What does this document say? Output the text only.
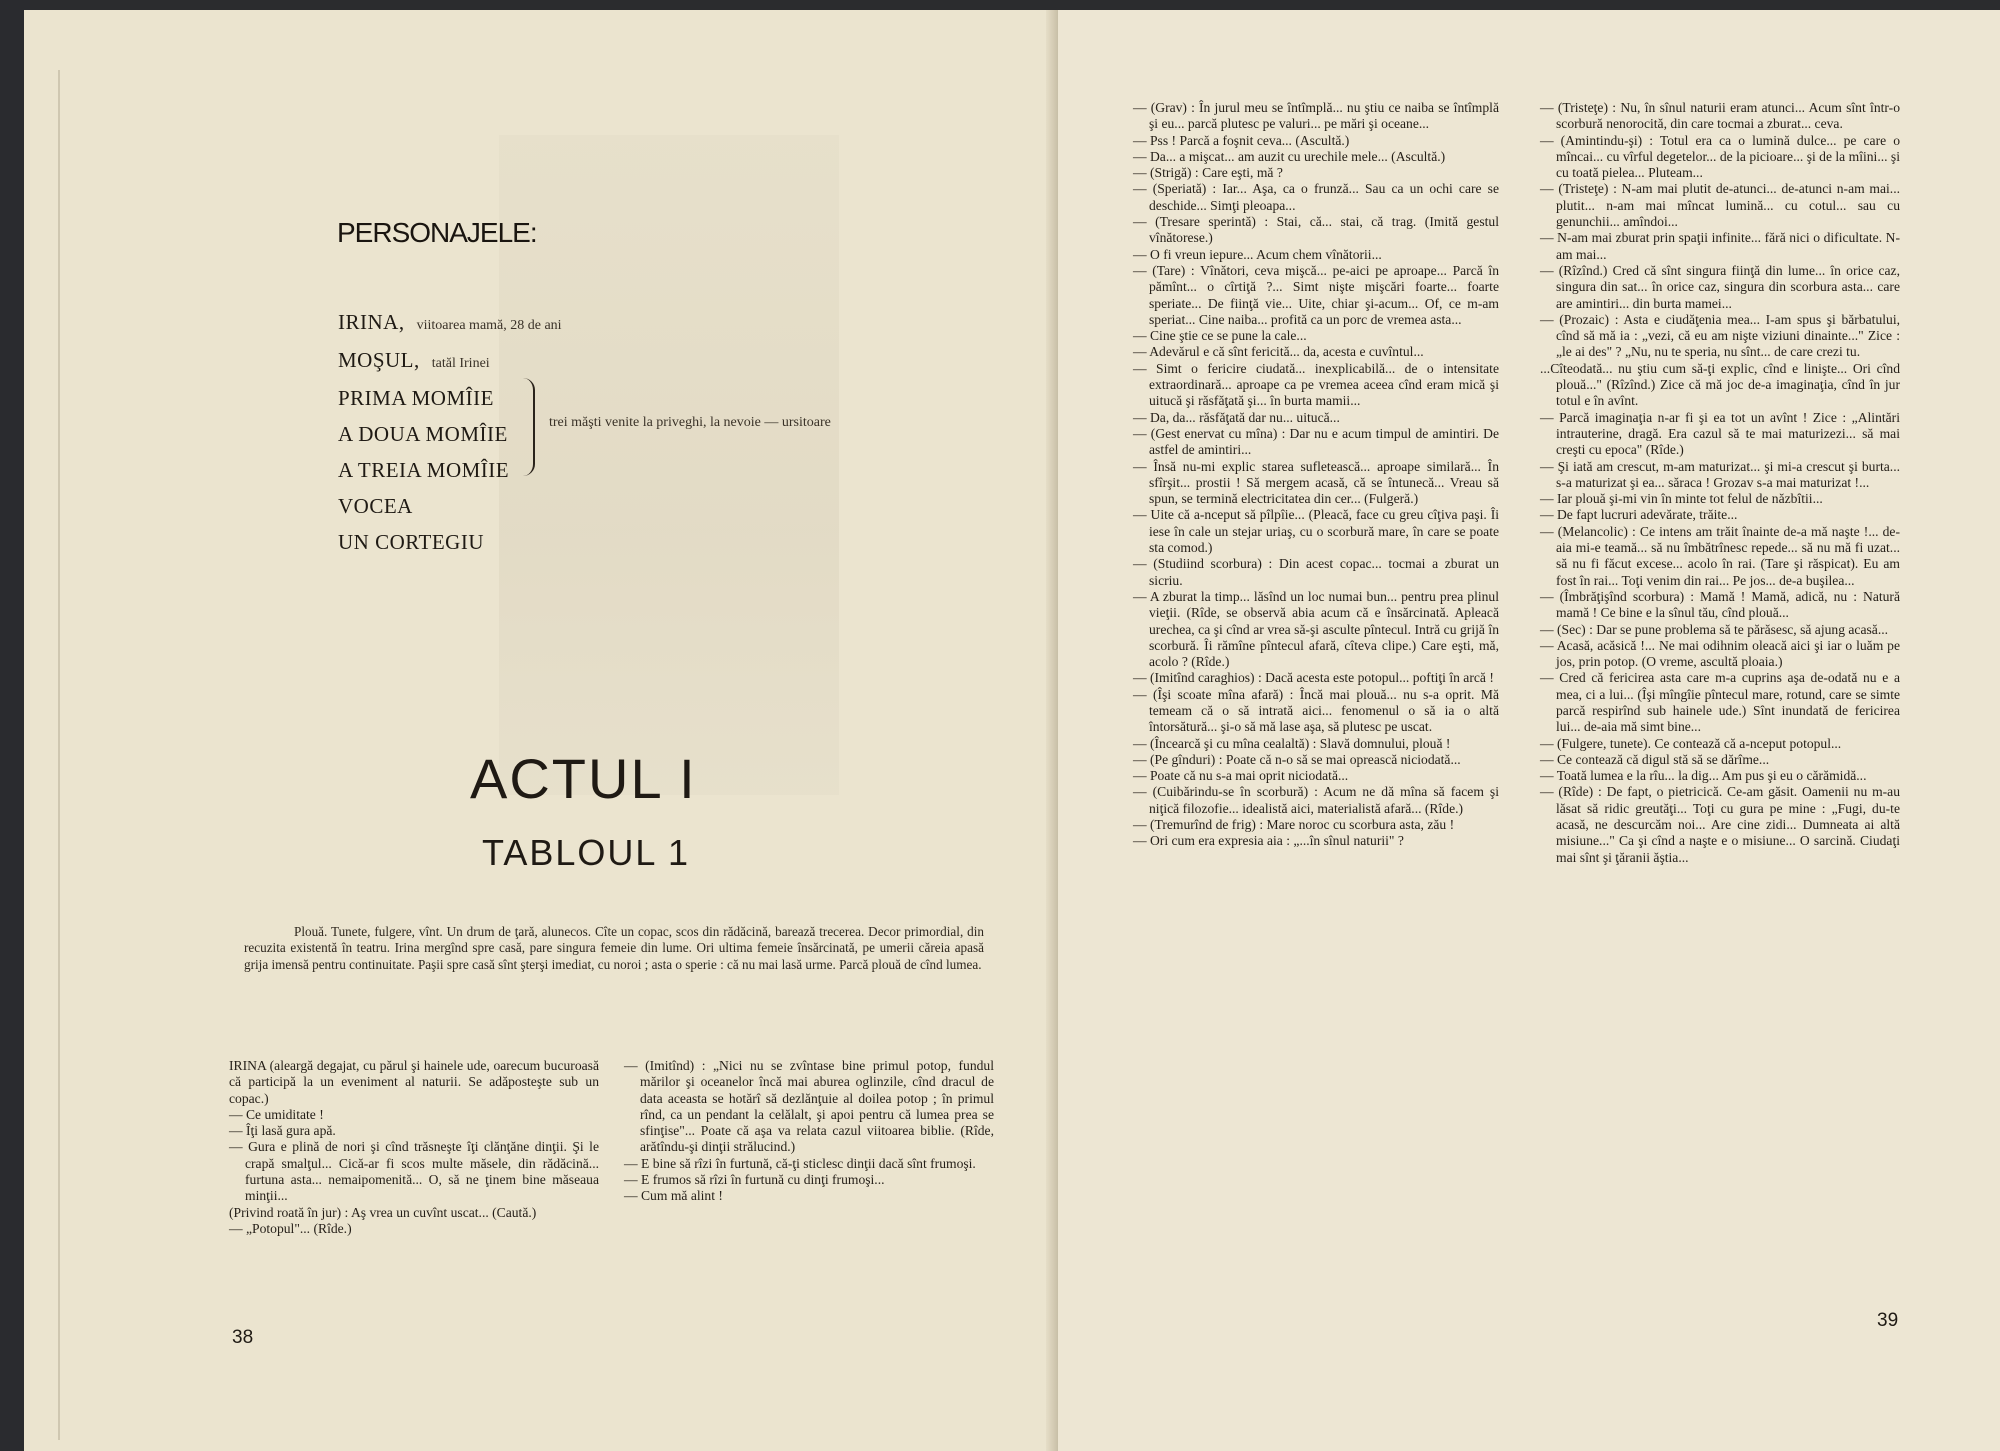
PERSONAJELE:
IRINA, viitoarea mamă, 28 de ani
MOŞUL, tatăl Irinei
PRIMA MOMÎIE
A DOUA MOMÎIE
A TREIA MOMÎIE
VOCEA
UN CORTEGIU
trei măşti venite la priveghi, la nevoie — ursitoare
ACTUL I
TABLOUL 1
Plouă. Tunete, fulgere, vînt. Un drum de ţară, alunecos. Cîte un copac, scos din rădăcină, barează trecerea. Decor primordial, din recuzita existentă în teatru. Irina mergînd spre casă, pare singura femeie din lume. Ori ultima femeie însărcinată, pe umerii căreia apasă grija imensă pentru continuitate. Paşii spre casă sînt şterşi imediat, cu noroi ; asta o sperie : că nu mai lasă urme. Parcă plouă de cînd lumea.

IRINA (aleargă degajat, cu părul şi hainele ude, oarecum bucuroasă că participă la un eveniment al naturii. Se adăposteşte sub un copac.)

— Ce umiditate !

— Îţi lasă gura apă.

— Gura e plină de nori şi cînd trăsneşte îţi clănţăne dinţii. Şi le crapă smalţul... Cică-ar fi scos multe măsele, din rădăcină... furtuna asta... nemaipomenită... O, să ne ţinem bine măseaua minţii...

(Privind roată în jur) : Aş vrea un cuvînt uscat... (Caută.)

— „Potopul"... (Rîde.)

— (Imitînd) : „Nici nu se zvîntase bine primul potop, fundul mărilor şi oceanelor încă mai aburea oglinzile, cînd dracul de data aceasta se hotărî să dezlănţuie al doilea potop ; în primul rînd, ca un pendant la celălalt, şi apoi pentru că lumea prea se sfinţise"... Poate că aşa va relata cazul viitoarea biblie. (Rîde, arătîndu-şi dinţii strălucind.)

— E bine să rîzi în furtună, că-ţi sticlesc dinţii dacă sînt frumoşi.

— E frumos să rîzi în furtună cu dinţi frumoşi...

— Cum mă alint !

38

— (Grav) : În jurul meu se întîmplă... nu ştiu ce naiba se întîmplă şi eu... parcă plutesc pe valuri... pe mări şi oceane...

— Pss ! Parcă a foşnit ceva... (Ascultă.)

— Da... a mişcat... am auzit cu urechile mele... (Ascultă.)

— (Strigă) : Care eşti, mă ?

— (Speriată) : Iar... Aşa, ca o frunză... Sau ca un ochi care se deschide... Simţi pleoapa...

— (Tresare sperintă) : Stai, că... stai, că trag. (Imită gestul vînătorese.)

— O fi vreun iepure... Acum chem vînătorii...

— (Tare) : Vînători, ceva mişcă... pe-aici pe aproape... Parcă în pămînt... o cîrtiţă ?... Simt nişte mişcări foarte... foarte speriate... De fiinţă vie... Uite, chiar şi-acum... Of, ce m-am speriat... Cine naiba... profită ca un porc de vremea asta...

— Cine ştie ce se pune la cale...

— Adevărul e că sînt fericită... da, acesta e cuvîntul...

— Simt o fericire ciudată... inexplicabilă... de o intensitate extraordinară... aproape ca pe vremea aceea cînd eram mică şi uitucă şi răsfăţată şi... în burta mamii...

— Da, da... răsfăţată dar nu... uitucă...

— (Gest enervat cu mîna) : Dar nu e acum timpul de amintiri. De astfel de amintiri...

— Însă nu-mi explic starea sufletească... aproape similară... În sfîrşit... prostii ! Să mergem acasă, că se întunecă... Vreau să spun, se termină electricitatea din cer... (Fulgeră.)

— Uite că a-nceput să pîlpîie... (Pleacă, face cu greu cîţiva paşi. Îi iese în cale un stejar uriaş, cu o scorbură mare, în care se poate sta comod.)

— (Studiind scorbura) : Din acest copac... tocmai a zburat un sicriu.

— A zburat la timp... lăsînd un loc numai bun... pentru prea plinul vieţii. (Rîde, se observă abia acum că e însărcinată. Apleacă urechea, ca şi cînd ar vrea să-şi asculte pîntecul. Intră cu grijă în scorbură. Îi rămîne pîntecul afară, cîteva clipe.) Care eşti, mă, acolo ? (Rîde.)

— (Imitînd caraghios) : Dacă acesta este potopul... poftiţi în arcă !

— (Îşi scoate mîna afară) : Încă mai plouă... nu s-a oprit. Mă temeam că o să intrată aici... fenomenul o să ia o altă întorsătură... şi-o să mă lase aşa, să plutesc pe uscat.

— (Încearcă şi cu mîna cealaltă) : Slavă domnului, plouă !

— (Pe gînduri) : Poate că n-o să se mai oprească niciodată...

— Poate că nu s-a mai oprit niciodată...

— (Cuibărindu-se în scorbură) : Acum ne dă mîna să facem şi niţică filozofie... idealistă aici, materialistă afară... (Rîde.)

— (Tremurînd de frig) : Mare noroc cu scorbura asta, zău !

— Ori cum era expresia aia : „...în sînul naturii" ?

— (Tristeţe) : Nu, în sînul naturii eram atunci... Acum sînt într-o scorbură nenorocită, din care tocmai a zburat... ceva.

— (Amintindu-şi) : Totul era ca o lumină dulce... pe care o mîncai... cu vîrful degetelor... de la picioare... şi de la mîini... şi cu toată pielea... Pluteam...

— (Tristeţe) : N-am mai plutit de-atunci... de-atunci n-am mai... plutit... n-am mai mîncat lumină... cu cotul... sau cu genunchii... amîndoi...

— N-am mai zburat prin spaţii infinite... fără nici o dificultate. N-am mai...

— (Rîzînd.) Cred că sînt singura fiinţă din lume... în orice caz, singura din sat... în orice caz, singura din scorbura asta... care are amintiri... din burta mamei...

— (Prozaic) : Asta e ciudăţenia mea... I-am spus şi bărbatului, cînd să mă ia : „vezi, că eu am nişte viziuni dinainte..." Zice : „le ai des" ? „Nu, nu te speria, nu sînt... de care crezi tu.

...Cîteodată... nu ştiu cum să-ţi explic, cînd e linişte... Ori cînd plouă..." (Rîzînd.) Zice că mă joc de-a imaginaţia, cînd în jur totul e în avînt.

— Parcă imaginaţia n-ar fi şi ea tot un avînt ! Zice : „Alintări intrauterine, dragă. Era cazul să te mai maturizezi... să mai creşti cu epoca" (Rîde.)

— Şi iată am crescut, m-am maturizat... şi mi-a crescut şi burta... s-a maturizat şi ea... săraca ! Grozav s-a mai maturizat !...

— Iar plouă şi-mi vin în minte tot felul de năzbîtii...

— De fapt lucruri adevărate, trăite...

— (Melancolic) : Ce intens am trăit înainte de-a mă naşte !... de-aia mi-e teamă... să nu îmbătrînesc repede... să nu mă fi uzat... să nu fi făcut excese... acolo în rai. (Tare şi răspicat). Eu am fost în rai... Toţi venim din rai... Pe jos... de-a buşilea...

— (Îmbrăţişînd scorbura) : Mamă ! Mamă, adică, nu : Natură mamă ! Ce bine e la sînul tău, cînd plouă...

— (Sec) : Dar se pune problema să te părăsesc, să ajung acasă...

— Acasă, acăsică !... Ne mai odihnim oleacă aici şi iar o luăm pe jos, prin potop. (O vreme, ascultă ploaia.)

— Cred că fericirea asta care m-a cuprins aşa de-odată nu e a mea, ci a lui... (Îşi mîngîie pîntecul mare, rotund, care se simte parcă respirînd sub hainele ude.) Sînt inundată de fericirea lui... de-aia mă simt bine...

— (Fulgere, tunete). Ce contează că a-nceput potopul...

— Ce contează că digul stă să se dărîme...

— Toată lumea e la rîu... la dig... Am pus şi eu o cărămidă...

— (Rîde) : De fapt, o pietricică. Ce-am găsit. Oamenii nu m-au lăsat să ridic greutăţi... Toţi cu gura pe mine : „Fugi, du-te acasă, ne descurcăm noi... Are cine zidi... Dumneata ai altă misiune..." Ca şi cînd a naşte e o misiune... O sarcină. Ciudaţi mai sînt şi ţăranii ăştia...

39
